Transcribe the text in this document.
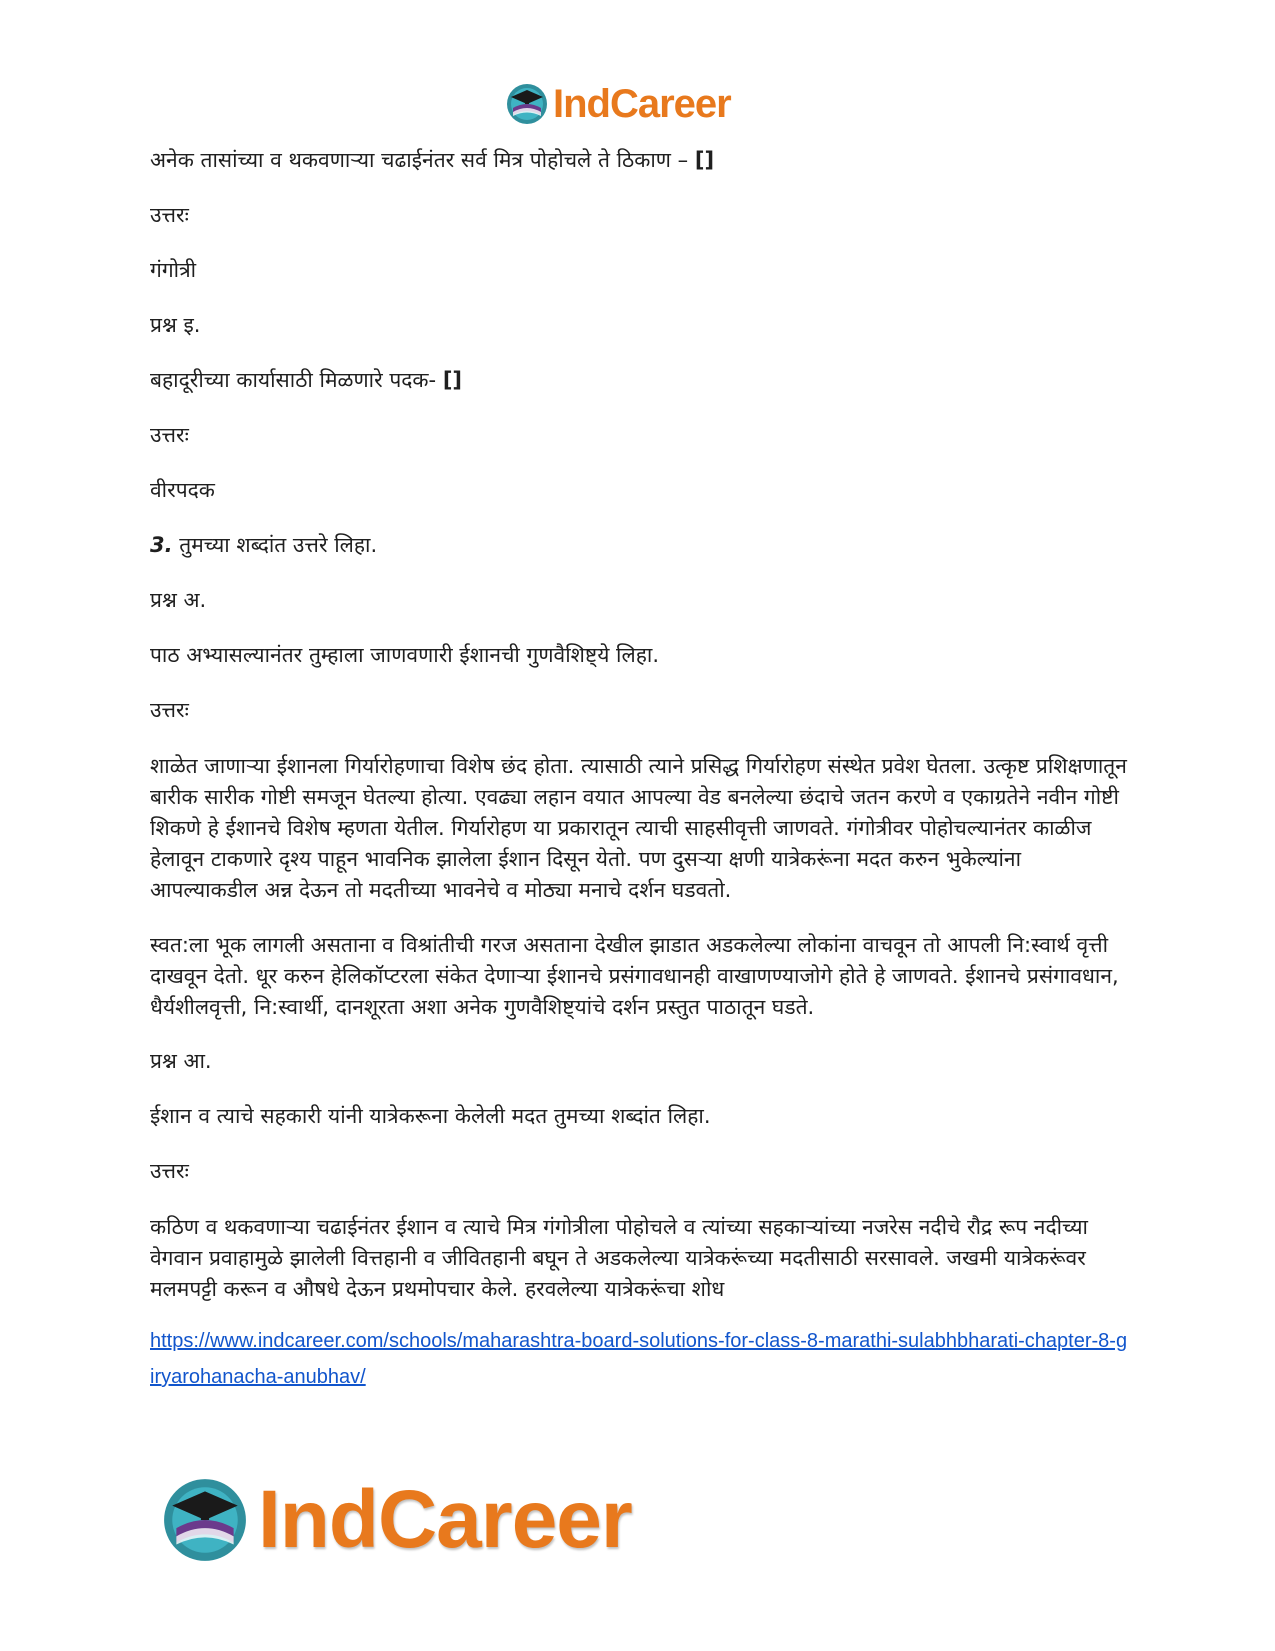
IndCareer

अनेक तासांच्या व थकवणाऱ्या चढाईनंतर सर्व मित्र पोहोचले ते ठिकाण – []

उत्तरः

गंगोत्री

प्रश्न इ.

बहादूरीच्या कार्यासाठी मिळणारे पदक- []

उत्तरः

वीरपदक

3. तुमच्या शब्दांत उत्तरे लिहा.

प्रश्न अ.

पाठ अभ्यासल्यानंतर तुम्हाला जाणवणारी ईशानची गुणवैशिष्ट्ये लिहा.

उत्तरः

शाळेत जाणाऱ्या ईशानला गिर्यारोहणाचा विशेष छंद होता. त्यासाठी त्याने प्रसिद्ध गिर्यारोहण संस्थेत प्रवेश घेतला. उत्कृष्ट प्रशिक्षणातून बारीक सारीक गोष्टी समजून घेतल्या होत्या. एवढ्या लहान वयात आपल्या वेड बनलेल्या छंदाचे जतन करणे व एकाग्रतेने नवीन गोष्टी शिकणे हे ईशानचे विशेष म्हणता येतील. गिर्यारोहण या प्रकारातून त्याची साहसीवृत्ती जाणवते. गंगोत्रीवर पोहोचल्यानंतर काळीज हेलावून टाकणारे दृश्य पाहून भावनिक झालेला ईशान दिसून येतो. पण दुसऱ्या क्षणी यात्रेकरूंना मदत करुन भुकेल्यांना आपल्याकडील अन्न देऊन तो मदतीच्या भावनेचे व मोठ्या मनाचे दर्शन घडवतो.

स्वत:ला भूक लागली असताना व विश्रांतीची गरज असताना देखील झाडात अडकलेल्या लोकांना वाचवून तो आपली नि:स्वार्थ वृत्ती दाखवून देतो. धूर करुन हेलिकॉप्टरला संकेत देणाऱ्या ईशानचे प्रसंगावधानही वाखाणण्याजोगे होते हे जाणवते. ईशानचे प्रसंगावधान, धैर्यशीलवृत्ती, नि:स्वार्थी, दानशूरता अशा अनेक गुणवैशिष्ट्यांचे दर्शन प्रस्तुत पाठातून घडते.

प्रश्न आ.

ईशान व त्याचे सहकारी यांनी यात्रेकरूना केलेली मदत तुमच्या शब्दांत लिहा.

उत्तरः

कठिण व थकवणाऱ्या चढाईनंतर ईशान व त्याचे मित्र गंगोत्रीला पोहोचले व त्यांच्या सहकाऱ्यांच्या नजरेस नदीचे रौद्र रूप नदीच्या वेगवान प्रवाहामुळे झालेली वित्तहानी व जीवितहानी बघून ते अडकलेल्या यात्रेकरूंच्या मदतीसाठी सरसावले. जखमी यात्रेकरूंवर मलमपट्टी करून व औषधे देऊन प्रथमोपचार केले. हरवलेल्या यात्रेकरूंचा शोध

https://www.indcareer.com/schools/maharashtra-board-solutions-for-class-8-marathi-sulabhbharati-chapter-8-giryarohanacha-anubhav/
IndCareer
